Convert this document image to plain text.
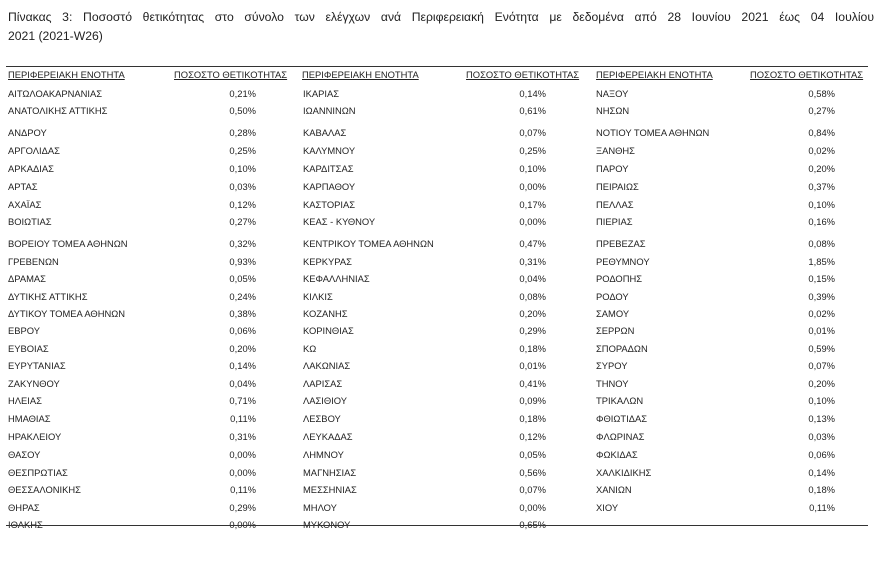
Πίνακας 3: Ποσοστό θετικότητας στο σύνολο των ελέγχων ανά Περιφερειακή Ενότητα με δεδομένα από 28 Ιουνίου 2021 έως 04 Ιουλίου
2021 (2021-W26)
ΠΕΡΙΦΕΡΕΙΑΚΗ ΕΝΟΤΗΤΑ	ΠΟΣΟΣΤΟ ΘΕΤΙΚΟΤΗΤΑΣ ΠΕΡΙΦΕΡΕΙΑΚΗ ΕΝΟΤΗΤΑ	ΠΟΣΟΣΤΟ ΘΕΤΙΚΟΤΗΤΑΣ ΠΕΡΙΦΕΡΕΙΑΚΗ ΕΝΟΤΗΤΑ	ΠΟΣΟΣΤΟ ΘΕΤΙΚΟΤΗΤΑΣ
ΑΙΤΩΛΟΑΚΑΡΝΑΝΙΑΣ	0,21%
ΑΝΑΤΟΛΙΚΗΣ ΑΤΤΙΚΗΣ	0,50%
ΑΝΔΡΟΥ	0,28%
ΑΡΓΟΛΙΔΑΣ	0,25%
ΑΡΚΑΔΙΑΣ	0,10%
ΑΡΤΑΣ	0,03%
ΑΧΑΪΑΣ	0,12%
ΒΟΙΩΤΙΑΣ	0,27%
ΒΟΡΕΙΟΥ ΤΟΜΕΑ ΑΘΗΝΩΝ	0,32%
ΓΡΕΒΕΝΩΝ	0,93%
ΔΡΑΜΑΣ	0,05%
ΔΥΤΙΚΗΣ ΑΤΤΙΚΗΣ	0,24%
ΔΥΤΙΚΟΥ ΤΟΜΕΑ ΑΘΗΝΩΝ	0,38%
ΕΒΡΟΥ	0,06%
ΕΥΒΟΙΑΣ	0,20%
ΕΥΡΥΤΑΝΙΑΣ	0,14%
ΖΑΚΥΝΘΟΥ	0,04%
ΗΛΕΙΑΣ	0,71%
ΗΜΑΘΙΑΣ	0,11%
ΗΡΑΚΛΕΙΟΥ	0,31%
ΘΑΣΟΥ	0,00%
ΘΕΣΠΡΩΤΙΑΣ	0,00%
ΘΕΣΣΑΛΟΝΙΚΗΣ	0,11%
ΘΗΡΑΣ	0,29%
ΙΘΑΚΗΣ	0,00%
ΙΚΑΡΙΑΣ	0,14%
ΙΩΑΝΝΙΝΩΝ	0,61%
ΚΑΒΑΛΑΣ	0,07%
ΚΑΛΥΜΝΟΥ	0,25%
ΚΑΡΔΙΤΣΑΣ	0,10%
ΚΑΡΠΑΘΟΥ	0,00%
ΚΑΣΤΟΡΙΑΣ	0,17%
ΚΕΑΣ - ΚΥΘΝΟΥ	0,00%
ΚΕΝΤΡΙΚΟΥ ΤΟΜΕΑ ΑΘΗΝΩΝ	0,47%
ΚΕΡΚΥΡΑΣ	0,31%
ΚΕΦΑΛΛΗΝΙΑΣ	0,04%
ΚΙΛΚΙΣ	0,08%
ΚΟΖΑΝΗΣ	0,20%
ΚΟΡΙΝΘΙΑΣ	0,29%
ΚΩ	0,18%
ΛΑΚΩΝΙΑΣ	0,01%
ΛΑΡΙΣΑΣ	0,41%
ΛΑΣΙΘΙΟΥ	0,09%
ΛΕΣΒΟΥ	0,18%
ΛΕΥΚΑΔΑΣ	0,12%
ΛΗΜΝΟΥ	0,05%
ΜΑΓΝΗΣΙΑΣ	0,56%
ΜΕΣΣΗΝΙΑΣ	0,07%
ΜΗΛΟΥ	0,00%
ΜΥΚΟΝΟΥ	0,65%
ΝΑΞΟΥ	0,58%
ΝΗΣΩΝ	0,27%
ΝΟΤΙΟΥ ΤΟΜΕΑ ΑΘΗΝΩΝ	0,84%
ΞΑΝΘΗΣ	0,02%
ΠΑΡΟΥ	0,20%
ΠΕΙΡΑΙΩΣ	0,37%
ΠΕΛΛΑΣ	0,10%
ΠΙΕΡΙΑΣ	0,16%
ΠΡΕΒΕΖΑΣ	0,08%
ΡΕΘΥΜΝΟΥ	1,85%
ΡΟΔΟΠΗΣ	0,15%
ΡΟΔΟΥ	0,39%
ΣΑΜΟΥ	0,02%
ΣΕΡΡΩΝ	0,01%
ΣΠΟΡΑΔΩΝ	0,59%
ΣΥΡΟΥ	0,07%
ΤΗΝΟΥ	0,20%
ΤΡΙΚΑΛΩΝ	0,10%
ΦΘΙΩΤΙΔΑΣ	0,13%
ΦΛΩΡΙΝΑΣ	0,03%
ΦΩΚΙΔΑΣ	0,06%
ΧΑΛΚΙΔΙΚΗΣ	0,14%
ΧΑΝΙΩΝ	0,18%
ΧΙΟΥ	0,11%
